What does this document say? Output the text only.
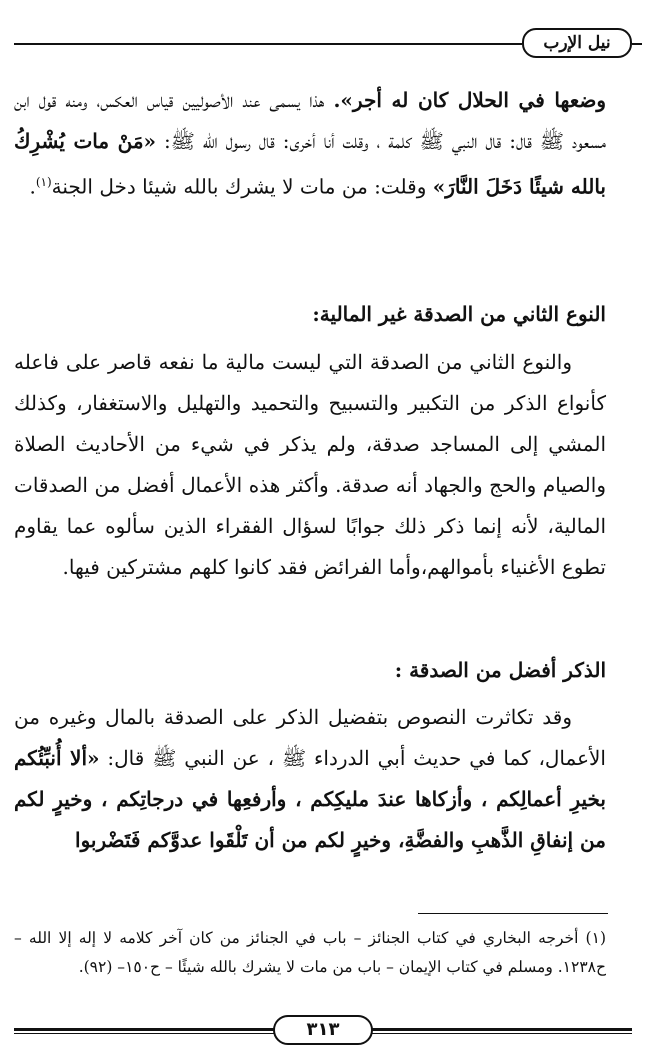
نيل الإرب
وضعها في الحلال كان له أجر». هذا يسمى عند الأصوليين قياس العكس، ومنه قول ابن مسعود ﷺ قال: قال النبي ﷺ كلمة ، وقلت أنا أخرى: قال رسول الله ﷺ: «مَنْ مات يُشْرِكُ بالله شيئًا دَخَلَ النَّارَ» وقلت: من مات لا يشرك بالله شيئا دخل الجنة$^{(١)}$.
النوع الثاني من الصدقة غير المالية:
والنوع الثاني من الصدقة التي ليست مالية ما نفعه قاصر على فاعله كأنواع الذكر من التكبير والتسبيح والتحميد والتهليل والاستغفار، وكذلك المشي إلى المساجد صدقة، ولم يذكر في شيء من الأحاديث الصلاة والصيام والحج والجهاد أنه صدقة. وأكثر هذه الأعمال أفضل من الصدقات المالية، لأنه إنما ذكر ذلك جوابًا لسؤال الفقراء الذين سألوه عما يقاوم تطوع الأغنياء بأموالهم،وأما الفرائض فقد كانوا كلهم مشتركين فيها.
الذكر أفضل من الصدقة :
وقد تكاثرت النصوص بتفضيل الذكر على الصدقة بالمال وغيره من الأعمال، كما في حديث أبي الدرداء ﷺ ، عن النبي ﷺ قال: «ألا أُنبِّئُكم بخيرِ أعمالِكم ، وأزكاها عندَ مليكِكم ، وأرفعِها في درجاتِكم ، وخيرٍ لكم من إنفاقِ الذَّهبِ والفضَّةِ، وخيرٍ لكم من أن تَلْقَوا عدوَّكم فَتَضْربوا
(١) أخرجه البخاري في كتاب الجنائز – باب في الجنائز من كان آخر كلامه لا إله إلا الله – ح١٢٣٨. ومسلم في كتاب الإيمان – باب من مات لا يشرك بالله شيئًا – ح١٥٠– (٩٢).
٣١٣
